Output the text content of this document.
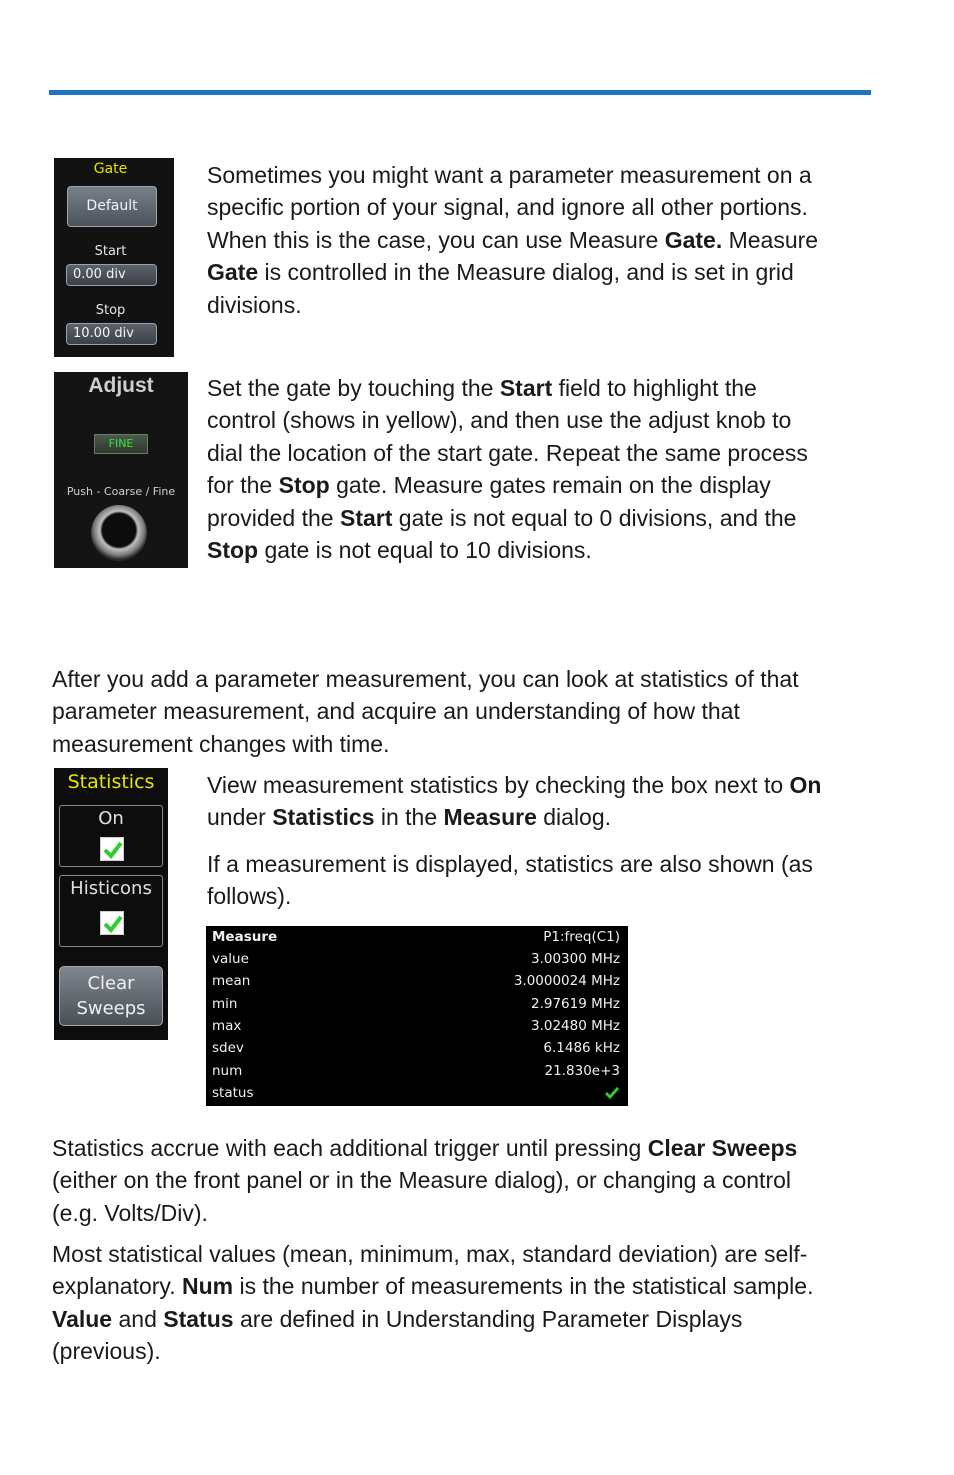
Gate
Default
Start
0.00 div
Stop
10.00 div
Sometimes you might want a parameter measurement on a
specific portion of your signal, and ignore all other portions.
When this is the case, you can use Measure Gate. Measure
Gate is controlled in the Measure dialog, and is set in grid
divisions.
Adjust
FINE
Push - Coarse / Fine
Set the gate by touching the Start field to highlight the
control (shows in yellow), and then use the adjust knob to
dial the location of the start gate. Repeat the same process
for the Stop gate. Measure gates remain on the display
provided the Start gate is not equal to 0 divisions, and the
Stop gate is not equal to 10 divisions.
After you add a parameter measurement, you can look at statistics of that
parameter measurement, and acquire an understanding of how that
measurement changes with time.
Statistics
On
Histicons
Clear
Sweeps
View measurement statistics by checking the box next to On
under Statistics in the Measure dialog.
If a measurement is displayed, statistics are also shown (as
follows).
Measure	P1:freq(C1)
value	3.00300 MHz
mean	3.0000024 MHz
min	2.97619 MHz
max	3.02480 MHz
sdev	6.1486 kHz
num	21.830e+3
status
Statistics accrue with each additional trigger until pressing Clear Sweeps
(either on the front panel or in the Measure dialog), or changing a control
(e.g. Volts/Div).
Most statistical values (mean, minimum, max, standard deviation) are self-
explanatory. Num is the number of measurements in the statistical sample.
Value and Status are defined in Understanding Parameter Displays
(previous).
